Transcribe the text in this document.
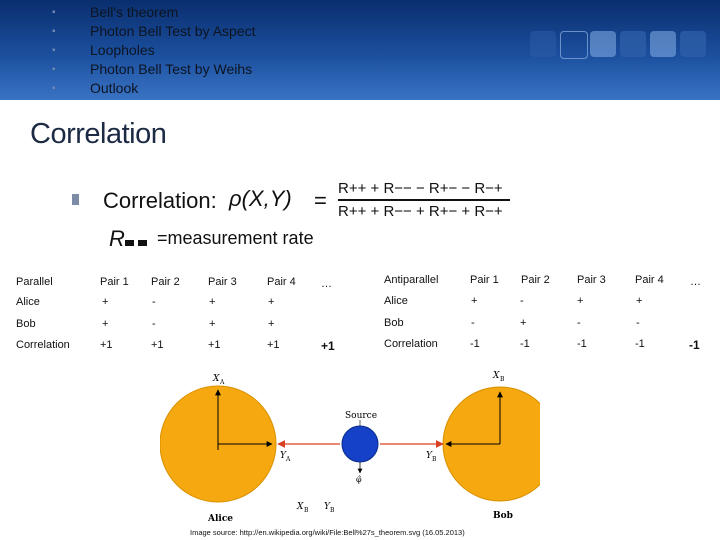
▪ Bell's theorem
▪ Photon Bell Test by Aspect
▪ Loopholes
▪ Photon Bell Test by Weihs
▪ Outlook
Correlation
Correlation: ρ(X,Y) = R++ + R−− − R+− − R−+
R++ + R−− + R+− + R−+
R =measurement rate
Parallel	Pair 1 Pair 2	Pair 3	Pair 4 …
Alice	+	-	+	+
Bob	+	-	+	+
Correlation	+1	+1	+1	+1	+1
Antiparallel	Pair 1 Pair 2 Pair 3	Pair 4 …
Alice	+	-	+	+
Bob	-	+	-	-
Correlation	-1	-1	-1	-1	-1
Source
Alice	Bob
X A
Y A
X B
Y B
X B Y B
φ̂
Image source: http://en.wikipedia.org/wiki/File:Bell%27s_theorem.svg (16.05.2013)
